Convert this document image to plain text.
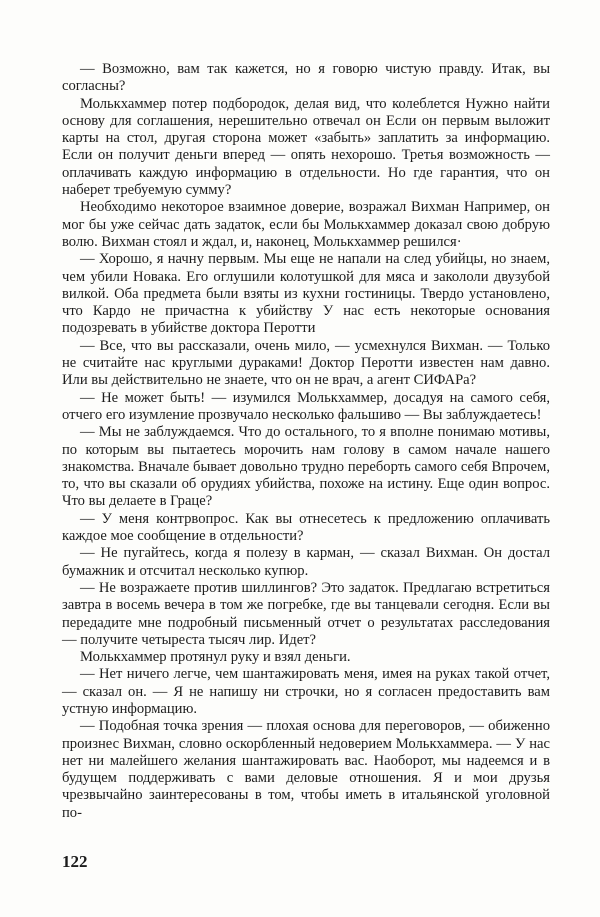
— Возможно, вам так кажется, но я говорю чистую правду. Итак, вы согласны?

Молькхаммер потер подбородок, делая вид, что колеблется Нужно найти основу для соглашения, нерешительно отвечал он Если он первым выложит карты на стол, другая сторона может «забыть» заплатить за информацию. Если он получит деньги вперед — опять нехорошо. Третья возможность — оплачивать каждую информацию в отдельности. Но где гарантия, что он наберет требуемую сумму?

Необходимо некоторое взаимное доверие, возражал Вихман Например, он мог бы уже сейчас дать задаток, если бы Молькхаммер доказал свою добрую волю. Вихман стоял и ждал, и, наконец, Молькхаммер решился·

— Хорошо, я начну первым. Мы еще не напали на след убийцы, но знаем, чем убили Новака. Его оглушили колотушкой для мяса и закололи двузубой вилкой. Оба предмета были взяты из кухни гостиницы. Твердо установлено, что Кардо не причастна к убийству У нас есть некоторые основания подозревать в убийстве доктора Перотти

— Все, что вы рассказали, очень мило, — усмехнулся Вихман. — Только не считайте нас круглыми дураками! Доктор Перотти известен нам давно. Или вы действительно не знаете, что он не врач, а агент СИФАРа?

— Не может быть! — изумился Молькхаммер, досадуя на самого себя, отчего его изумление прозвучало несколько фальшиво — Вы заблуждаетесь!

— Мы не заблуждаемся. Что до остального, то я вполне понимаю мотивы, по которым вы пытаетесь морочить нам голову в самом начале нашего знакомства. Вначале бывает довольно трудно переборть самого себя Впрочем, то, что вы сказали об орудиях убийства, похоже на истину. Еще один вопрос. Что вы делаете в Граце?

— У меня контрвопрос. Как вы отнесетесь к предложению оплачивать каждое мое сообщение в отдельности?

— Не пугайтесь, когда я полезу в карман, — сказал Вихман. Он достал бумажник и отсчитал несколько купюр.

— Не возражаете против шиллингов? Это задаток. Предлагаю встретиться завтра в восемь вечера в том же погребке, где вы танцевали сегодня. Если вы передадите мне подробный письменный отчет о результатах расследования — получите четыреста тысяч лир. Идет?

Молькхаммер протянул руку и взял деньги.

— Нет ничего легче, чем шантажировать меня, имея на руках такой отчет, — сказал он. — Я не напишу ни строчки, но я согласен предоставить вам устную информацию.

— Подобная точка зрения — плохая основа для переговоров, — обиженно произнес Вихман, словно оскорбленный недоверием Молькхаммера. — У нас нет ни малейшего желания шантажировать вас. Наоборот, мы надеемся и в будущем поддерживать с вами деловые отношения. Я и мои друзья чрезвычайно заинтересованы в том, чтобы иметь в итальянской уголовной по-

122
